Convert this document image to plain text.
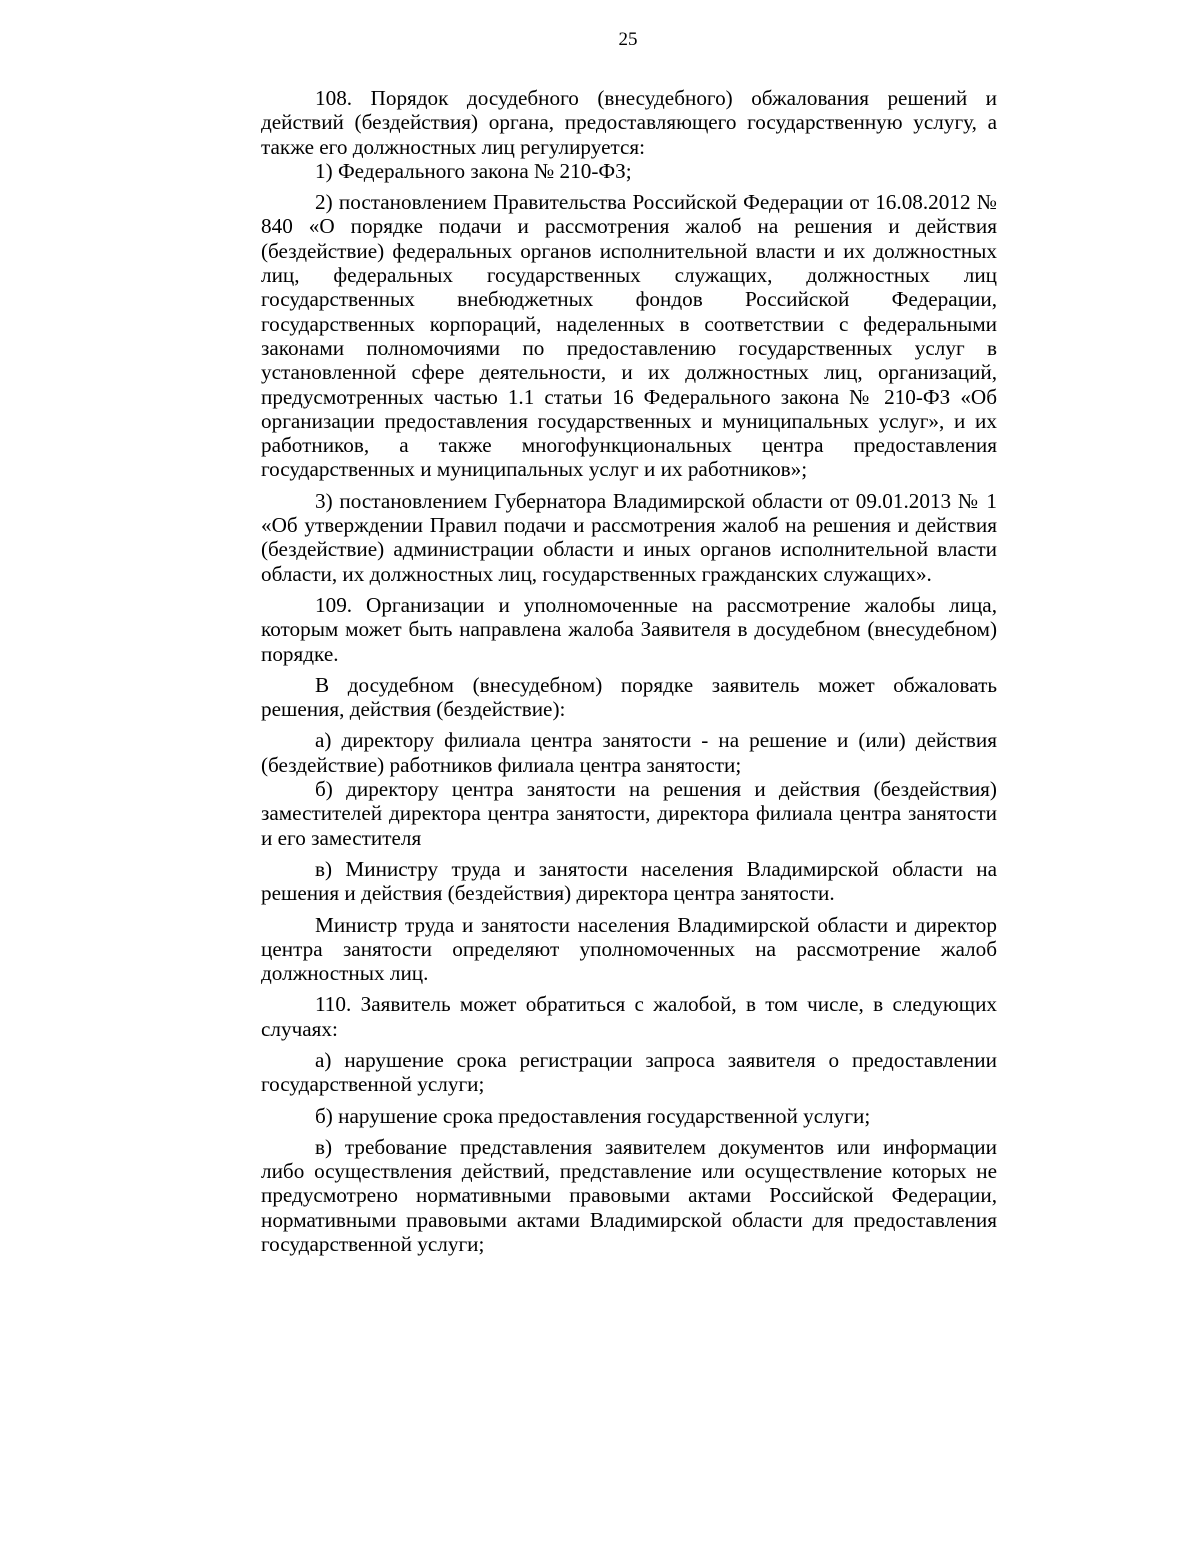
25

108. Порядок досудебного (внесудебного) обжалования решений и действий (бездействия) органа, предоставляющего государственную услугу, а также его должностных лиц регулируется:

1) Федерального закона № 210-ФЗ;

2) постановлением Правительства Российской Федерации от 16.08.2012 № 840 «О порядке подачи и рассмотрения жалоб на решения и действия (бездействие) федеральных органов исполнительной власти и их должностных лиц, федеральных государственных служащих, должностных лиц государственных внебюджетных фондов Российской Федерации, государственных корпораций, наделенных в соответствии с федеральными законами полномочиями по предоставлению государственных услуг в установленной сфере деятельности, и их должностных лиц, организаций, предусмотренных частью 1.1 статьи 16 Федерального закона № 210-ФЗ «Об организации предоставления государственных и муниципальных услуг», и их работников, а также многофункциональных центра предоставления государственных и муниципальных услуг и их работников»;

3) постановлением Губернатора Владимирской области от 09.01.2013 № 1 «Об утверждении Правил подачи и рассмотрения жалоб на решения и действия (бездействие) администрации области и иных органов исполнительной власти области, их должностных лиц, государственных гражданских служащих».

109. Организации и уполномоченные на рассмотрение жалобы лица, которым может быть направлена жалоба Заявителя в досудебном (внесудебном) порядке.

В досудебном (внесудебном) порядке заявитель может обжаловать решения, действия (бездействие):

а) директору филиала центра занятости - на решение и (или) действия (бездействие) работников филиала центра занятости;

б) директору центра занятости на решения и действия (бездействия) заместителей директора центра занятости, директора филиала центра занятости и его заместителя

в) Министру труда и занятости населения Владимирской области на решения и действия (бездействия) директора центра занятости.

Министр труда и занятости населения Владимирской области и директор центра занятости определяют уполномоченных на рассмотрение жалоб должностных лиц.

110. Заявитель может обратиться с жалобой, в том числе, в следующих случаях:

а) нарушение срока регистрации запроса заявителя о предоставлении государственной услуги;

б) нарушение срока предоставления государственной услуги;

в) требование представления заявителем документов или информации либо осуществления действий, представление или осуществление которых не предусмотрено нормативными правовыми актами Российской Федерации, нормативными правовыми актами Владимирской области для предоставления государственной услуги;
